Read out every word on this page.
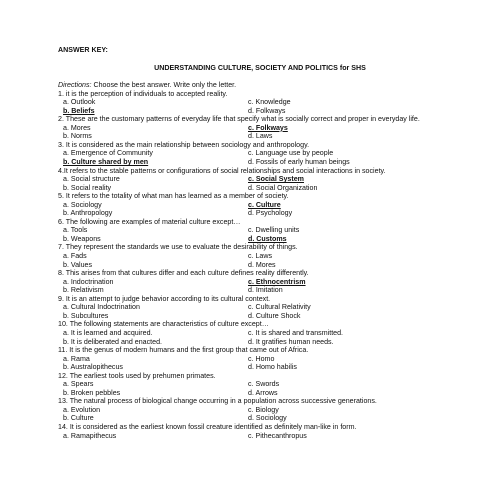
ANSWER KEY:
UNDERSTANDING CULTURE, SOCIETY AND POLITICS for SHS
Directions: Choose the best answer. Write only the letter.
1. it is the perception of individuals to accepted reality.
a. Outlook	c. Knowledge
b. Beliefs	d. Folkways
2. These are the customary patterns of everyday life that specify what is socially correct and proper in everyday life.
a. Mores	c. Folkways
b. Norms	d. Laws
3. It is considered as the main relationship between sociology and anthropology.
a. Emergence of Community	c. Language use by people
b. Culture shared by men	d. Fossils of early human beings
4.It refers to the stable patterns or configurations of social relationships and social interactions in society.
a. Social structure	c. Social System
b. Social reality	d. Social Organization
5. It refers to the totality of what man has learned as a member of society.
a. Sociology	c. Culture
b. Anthropology	d. Psychology
6. The following are examples of material culture except…
a. Tools	c. Dwelling units
b. Weapons	d. Customs
7. They represent the standards we use to evaluate the desirability of things.
a. Fads	c. Laws
b. Values	d. Mores
8. This arises from that cultures differ and each culture defines reality differently.
a. Indoctrination	c. Ethnocentrism
b. Relativism	d. Imitation
9. It is an attempt to judge behavior according to its cultural context.
a. Cultural Indoctrination	c. Cultural Relativity
b. Subcultures	d. Culture Shock
10. The following statements are characteristics of culture except…
a. It is learned and acquired.	c. It is shared and transmitted.
b. It is deliberated and enacted.	d. It gratifies human needs.
11. It is the genus of modern humans and the first group that came out of Africa.
a. Rama	c. Homo
b. Australopithecus	d. Homo habilis
12. The earliest tools used by prehumen primates.
a. Spears	c. Swords
b. Broken pebbles	d. Arrows
13. The natural process of biological change occurring in a population across successive generations.
a. Evolution	c. Biology
b. Culture	d. Sociology
14. It is considered as the earliest known fossil creature identified as definitely man-like in form.
a. Ramapithecus	c. Pithecanthropus
